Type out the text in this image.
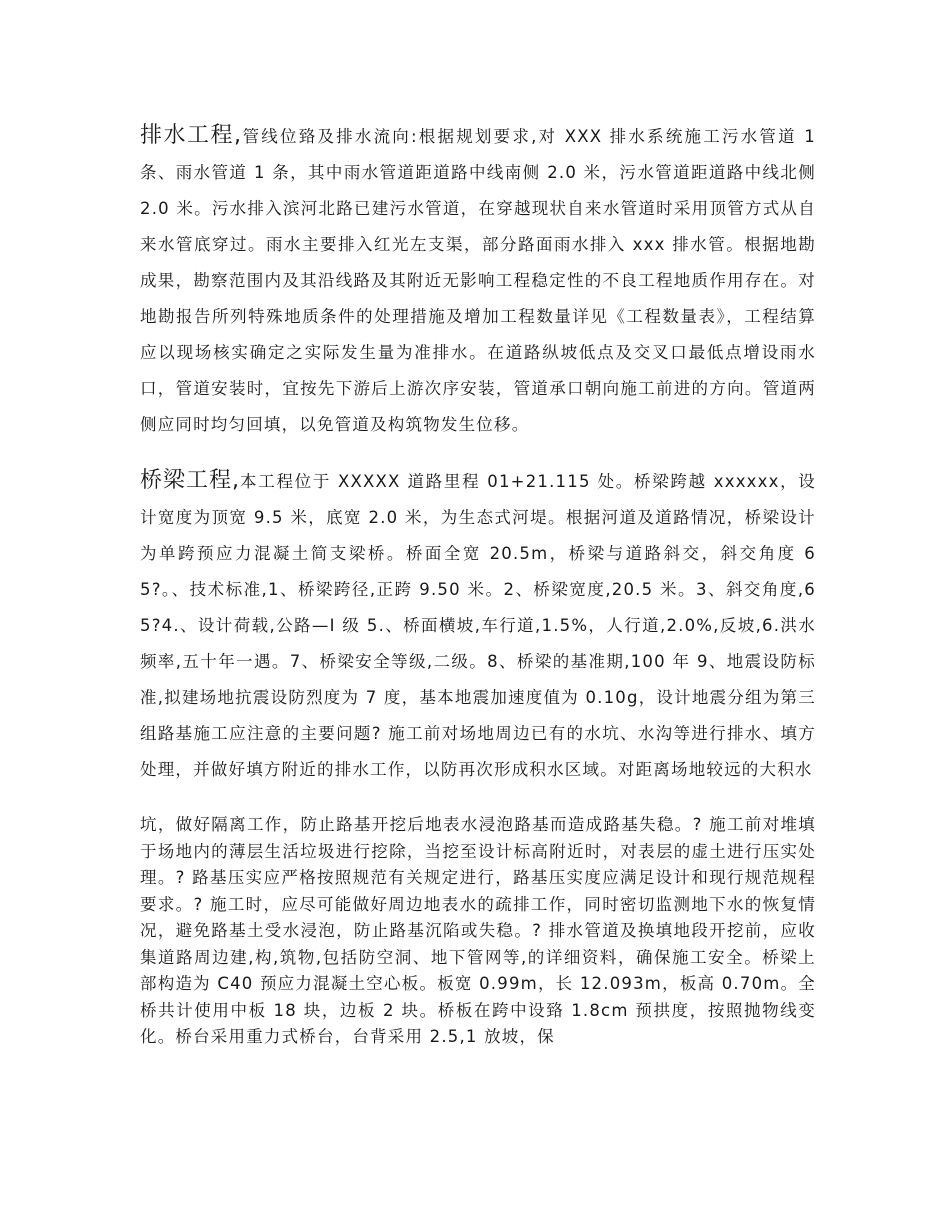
排水工程,管线位臵及排水流向:根据规划要求,对 XXX 排水系统施工污水管道 1 条、雨水管道 1 条，其中雨水管道距道路中线南侧 2.0 米，污水管道距道路中线北侧 2.0 米。污水排入滨河北路已建污水管道，在穿越现状自来水管道时采用顶管方式从自来水管底穿过。雨水主要排入红光左支渠，部分路面雨水排入 xxx 排水管。根据地勘成果，勘察范围内及其沿线路及其附近无影响工程稳定性的不良工程地质作用存在。对地勘报告所列特殊地质条件的处理措施及增加工程数量详见《工程数量表》，工程结算应以现场核实确定之实际发生量为准排水。在道路纵坡低点及交叉口最低点增设雨水口，管道安装时，宜按先下游后上游次序安装，管道承口朝向施工前进的方向。管道两侧应同时均匀回填，以免管道及构筑物发生位移。

桥梁工程,本工程位于 XXXXX 道路里程 01+21.115 处。桥梁跨越 xxxxxx，设计宽度为顶宽 9.5 米，底宽 2.0 米，为生态式河堤。根据河道及道路情况，桥梁设计为单跨预应力混凝土简支梁桥。桥面全宽 20.5m，桥梁与道路斜交，斜交角度 65?。、技术标准,1、桥梁跨径,正跨 9.50 米。2、桥梁宽度,20.5 米。3、斜交角度,65?4.、设计荷载,公路—I 级 5.、桥面横坡,车行道,1.5%，人行道,2.0%,反坡,6.洪水频率,五十年一遇。7、桥梁安全等级,二级。8、桥梁的基准期,100 年 9、地震设防标准,拟建场地抗震设防烈度为 7 度，基本地震加速度值为 0.10g，设计地震分组为第三组路基施工应注意的主要问题? 施工前对场地周边已有的水坑、水沟等进行排水、填方处理，并做好填方附近的排水工作，以防再次形成积水区域。对距离场地较远的大积水

坑，做好隔离工作，防止路基开挖后地表水浸泡路基而造成路基失稳。? 施工前对堆填于场地内的薄层生活垃圾进行挖除，当挖至设计标高附近时，对表层的虚土进行压实处理。? 路基压实应严格按照规范有关规定进行，路基压实度应满足设计和现行规范规程要求。? 施工时，应尽可能做好周边地表水的疏排工作，同时密切监测地下水的恢复情况，避免路基土受水浸泡，防止路基沉陷或失稳。? 排水管道及换填地段开挖前，应收集道路周边建,构,筑物,包括防空洞、地下管网等,的详细资料，确保施工安全。桥梁上部构造为 C40 预应力混凝土空心板。板宽 0.99m，长 12.093m，板高 0.70m。全桥共计使用中板 18 块，边板 2 块。桥板在跨中设臵 1.8cm 预拱度，按照抛物线变化。桥台采用重力式桥台，台背采用 2.5,1 放坡，保
